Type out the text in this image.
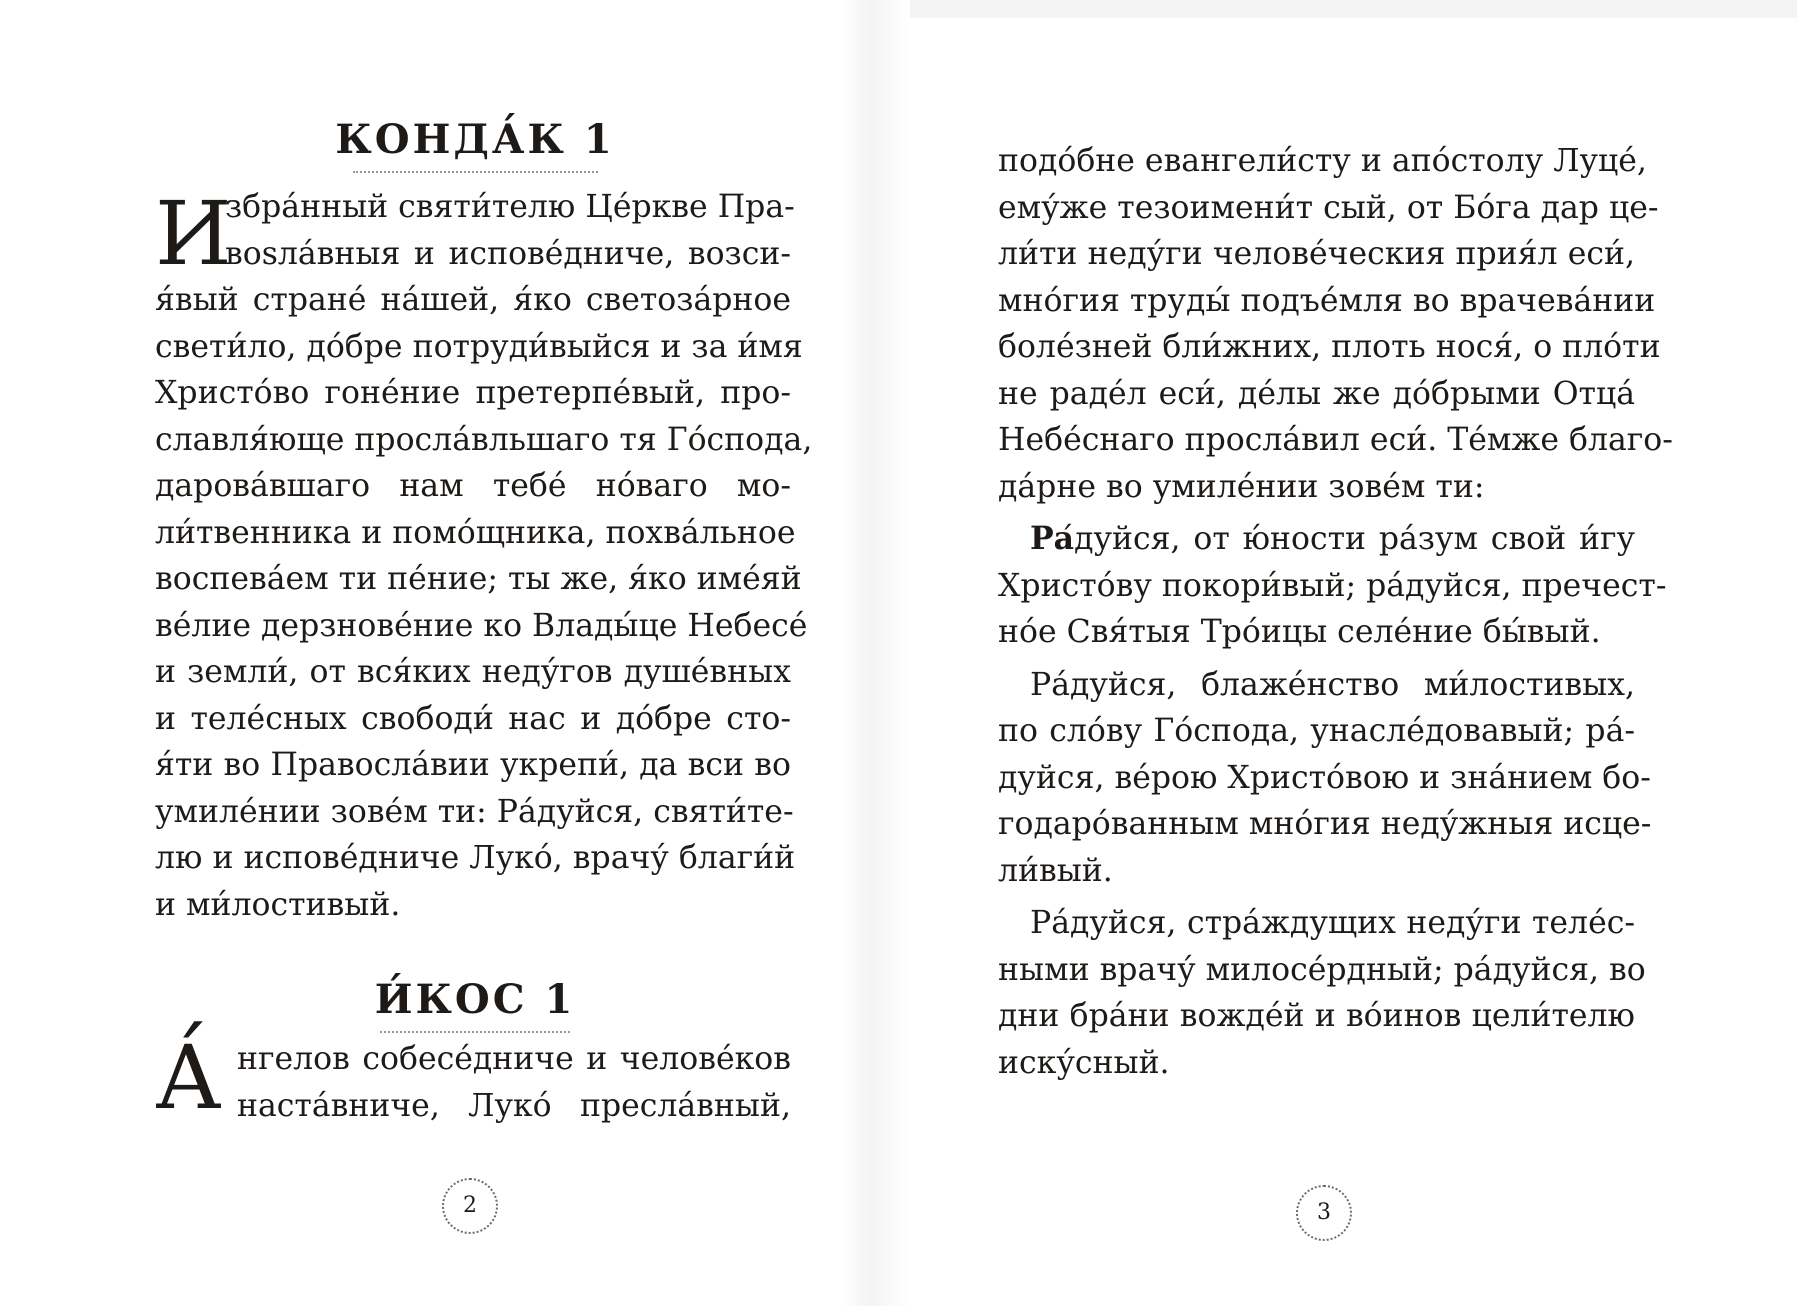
КОНДА́К 1
И
збра́нный святи́телю Це́ркве Пра-
вosла́вныя и испове́дниче, возси-
я́вый стране́ на́шей, я́ко светоза́рное
свети́ло, до́бре потруди́выйся и за и́мя
Христо́во гоне́ние претерпе́вый, про-
славля́юще просла́вльшаго тя Го́спода,
дарова́вшаго нам тебе́ но́ваго мо-
ли́твенника и помо́щника, похва́льное
воспева́ем ти пе́ние; ты же, я́ко име́яй
ве́лие дерзнове́ние ко Влады́це Небесе́
и земли́, от вся́ких неду́гов душе́вных
и теле́сных свободи́ нас и до́бре сто-
я́ти во Правосла́вии укрепи́, да вси во
умиле́нии зове́м ти: Ра́дуйся, святи́те-
лю и испове́дниче Луко́, врачу́ благи́й
и ми́лостивый.
И́КОС 1
А́ нгелов собесе́дниче и челове́ков
наста́вниче, Луко́ пресла́вный,
2
подо́бне евангели́сту и апо́столу Луце́,
ему́же тезоимени́т сый, от Бо́га дар це-
ли́ти неду́ги челове́ческия прия́л еси́,
мно́гия труды́ подъе́мля во врачева́нии
боле́зней бли́жних, плоть нося́, о пло́ти
не раде́л еси́, де́лы же до́брыми Отца́
Небе́снаго просла́вил еси́. Те́мже благо-
да́рне во умиле́нии зове́м ти:
Ра́дуйся, от ю́ности ра́зум свой и́гу
Христо́ву покори́вый; ра́дуйся, пречест-
но́е Свя́тыя Тро́ицы селе́ние бы́вый.
Ра́дуйся, блаже́нство ми́лостивых,
по сло́ву Го́спода, унасле́довавый; ра́-
дуйся, ве́рою Христо́вою и зна́нием бо-
годаро́ванным мно́гия неду́жныя исце-
ли́вый.
Ра́дуйся, стра́ждущих неду́ги теле́с-
ными врачу́ милосе́рдный; ра́дуйся, во
дни бра́ни вожде́й и во́инов цели́телю
иску́сный.
3
